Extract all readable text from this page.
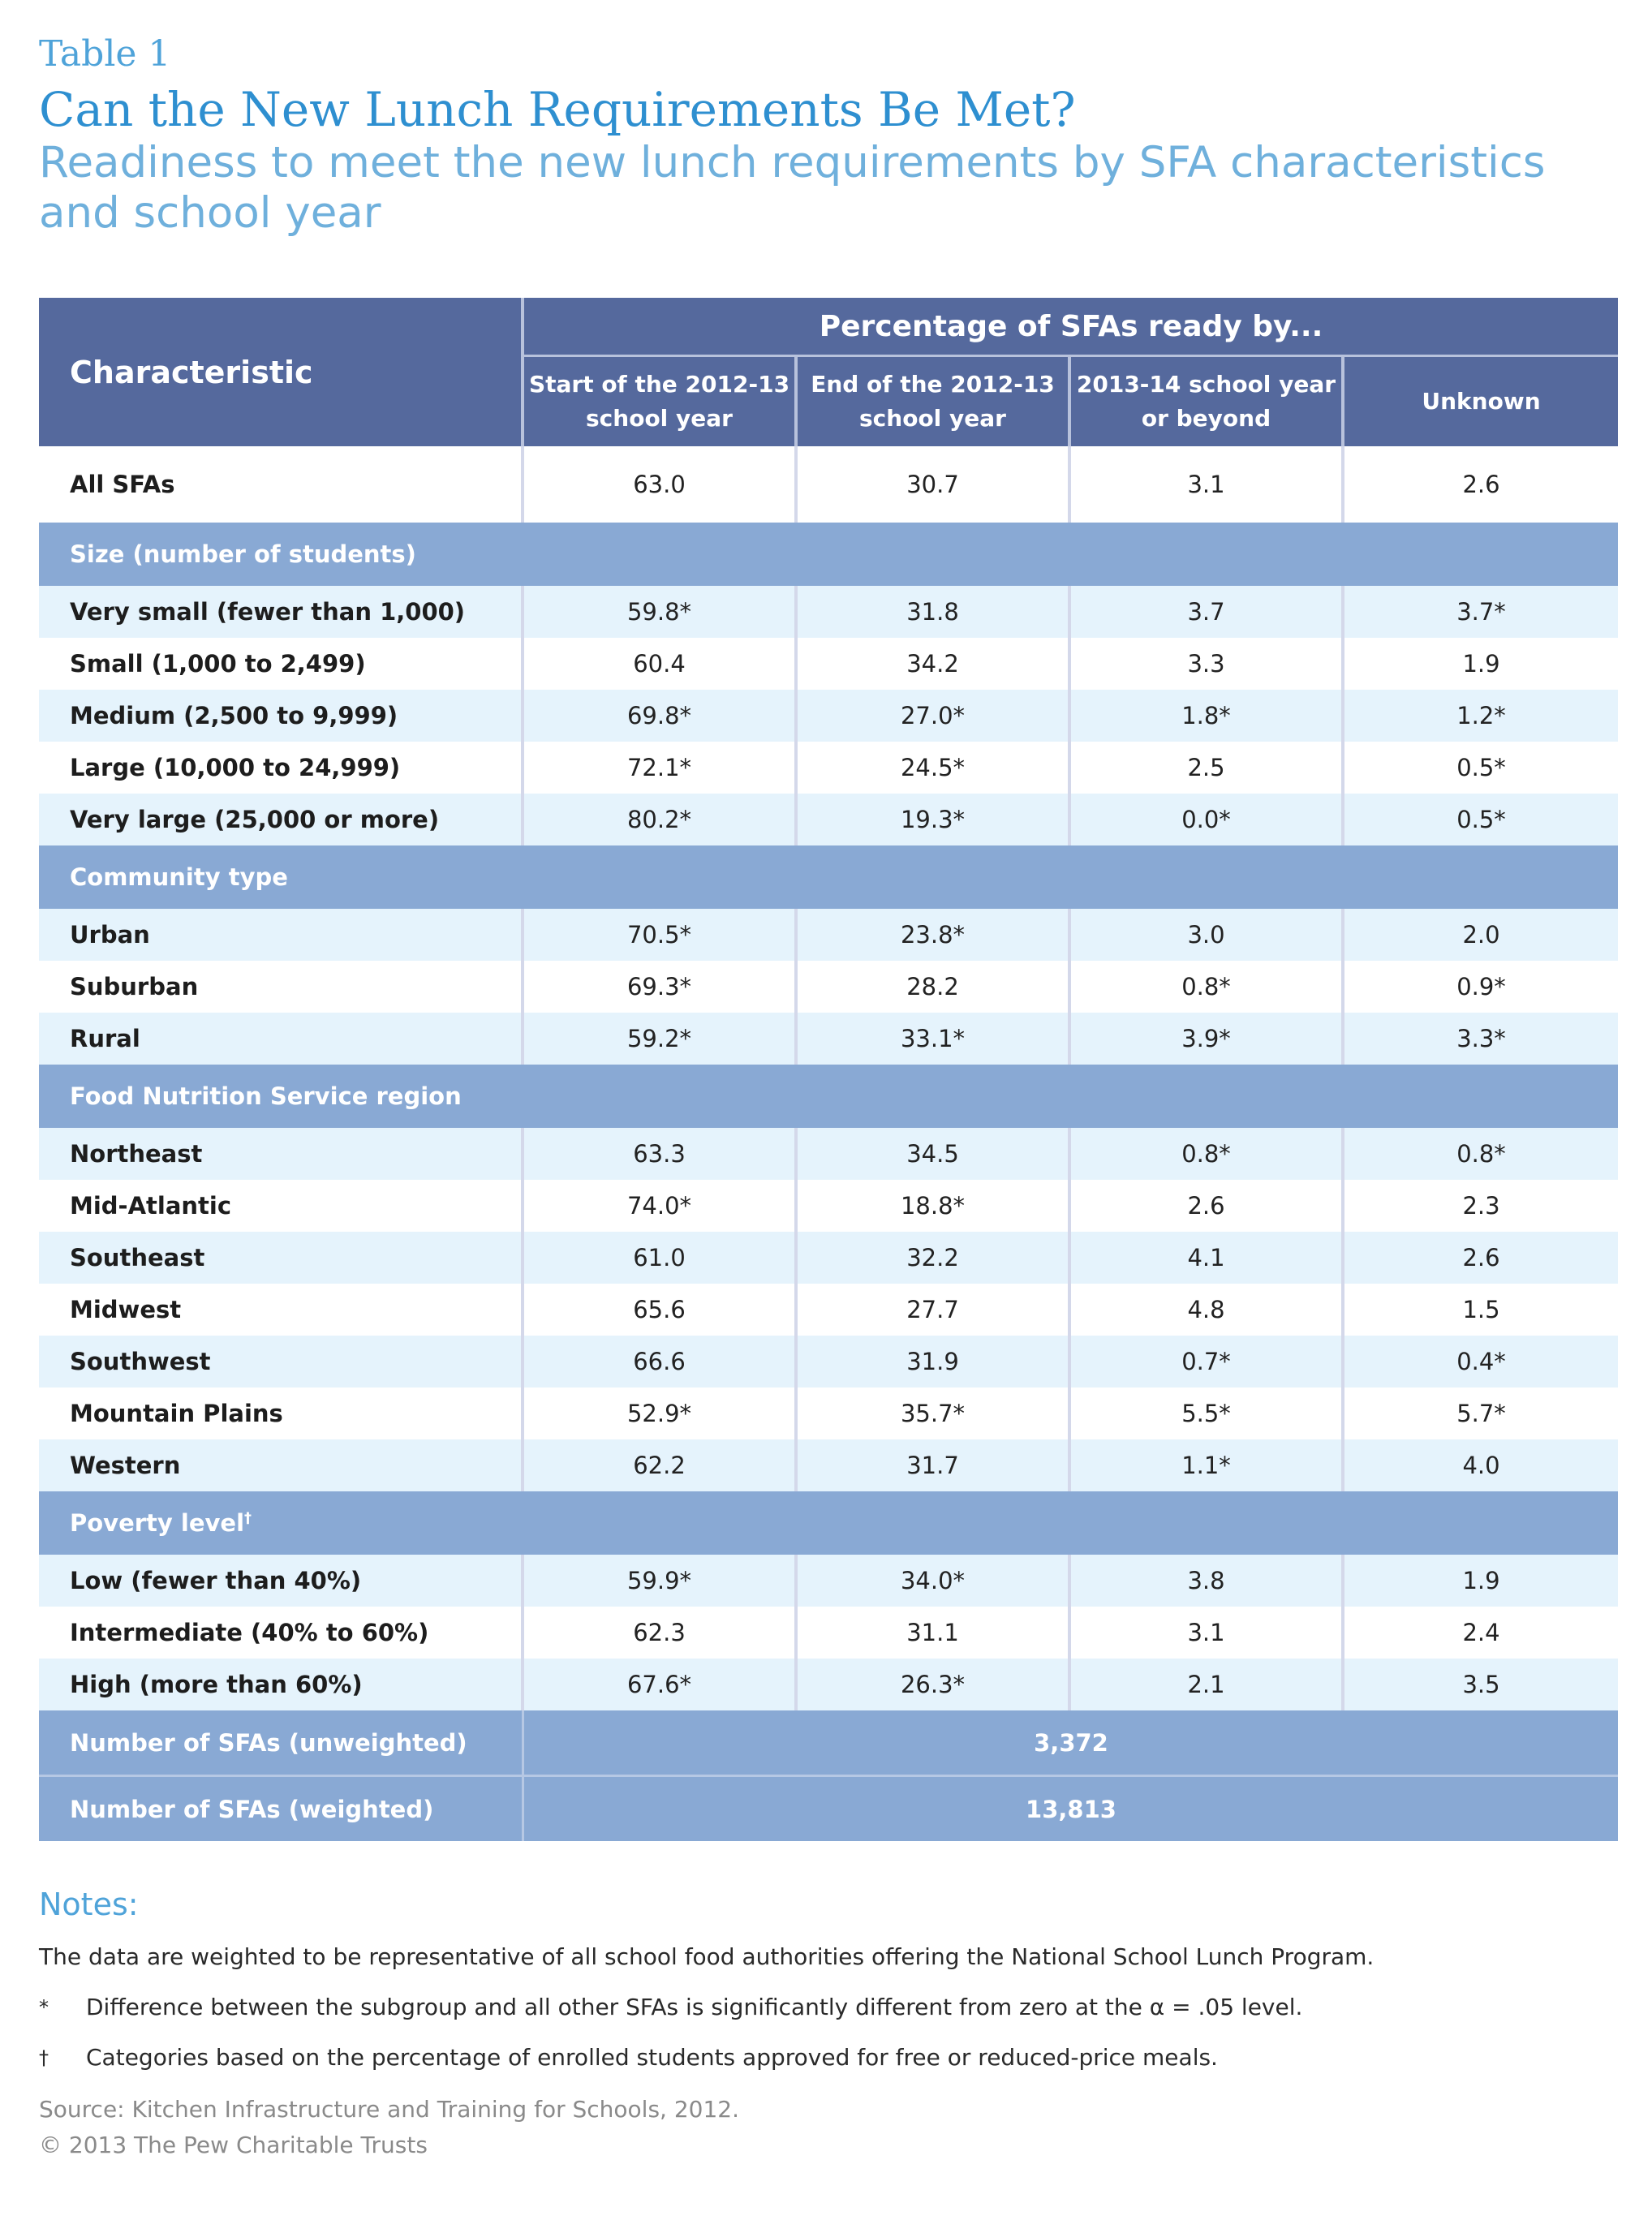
Table 1

Can the New Lunch Requirements Be Met?
Readiness to meet the new lunch requirements by SFA characteristics and school year
Characteristic	Percentage of SFAs ready by...			
	Start of the 2012-13 school year	End of the 2012-13 school year	2013-14 school year or beyond	Unknown
All SFAs	63.0	30.7	3.1	2.6
Size (number of students)				
Very small (fewer than 1,000)	59.8*	31.8	3.7	3.7*
Small (1,000 to 2,499)	60.4	34.2	3.3	1.9
Medium (2,500 to 9,999)	69.8*	27.0*	1.8*	1.2*
Large (10,000 to 24,999)	72.1*	24.5*	2.5	0.5*
Very large (25,000 or more)	80.2*	19.3*	0.0*	0.5*
Community type				
Urban	70.5*	23.8*	3.0	2.0
Suburban	69.3*	28.2	0.8*	0.9*
Rural	59.2*	33.1*	3.9*	3.3*
Food Nutrition Service region				
Northeast	63.3	34.5	0.8*	0.8*
Mid-Atlantic	74.0*	18.8*	2.6	2.3
Southeast	61.0	32.2	4.1	2.6
Midwest	65.6	27.7	4.8	1.5
Southwest	66.6	31.9	0.7*	0.4*
Mountain Plains	52.9*	35.7*	5.5*	5.7*
Western	62.2	31.7	1.1*	4.0
Poverty level†
Low (fewer than 40%)	59.9*	34.0*	3.8	1.9
Intermediate (40% to 60%)	62.3	31.1	3.1	2.4
High (more than 60%)	67.6*	26.3*	2.1	3.5
Number of SFAs (unweighted)	3,372			
Number of SFAs (weighted)	13,813			

Notes:

The data are weighted to be representative of all school food authorities offering the National School Lunch Program.

*	Difference between the subgroup and all other SFAs is significantly different from zero at the α = .05 level.
†	Categories based on the percentage of enrolled students approved for free or reduced-price meals.

Source: Kitchen Infrastructure and Training for Schools, 2012.

© 2013 The Pew Charitable Trusts
